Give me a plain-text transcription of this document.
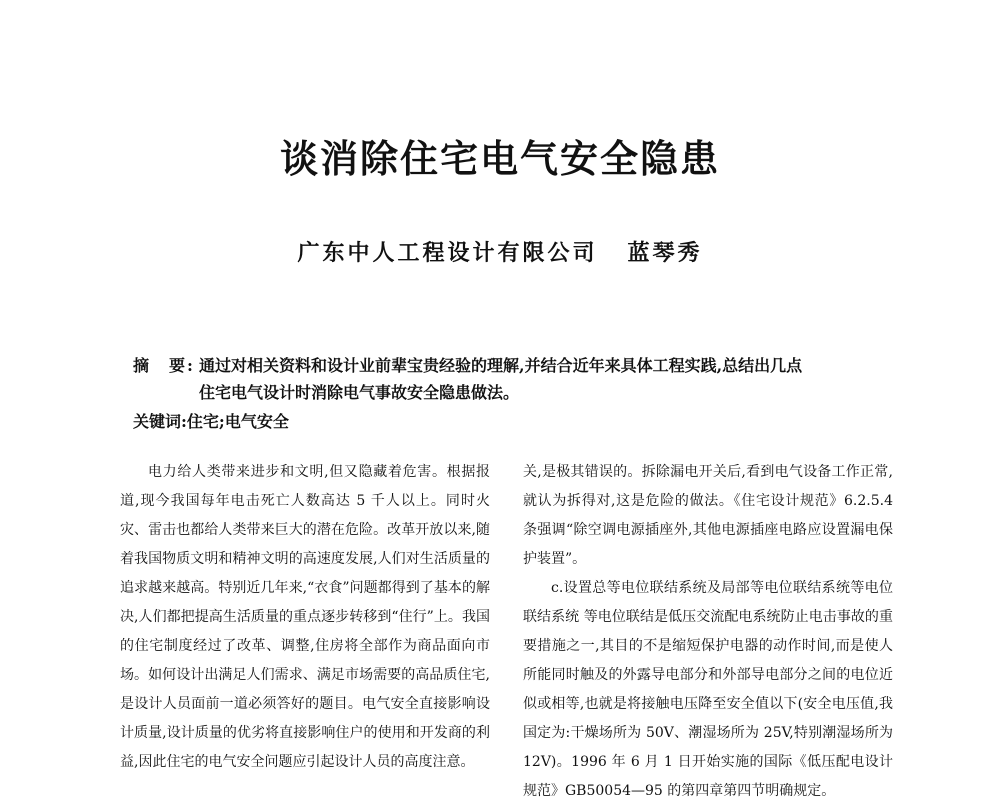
谈消除住宅电气安全隐患
广东中人工程设计有限公司 蓝琴秀
摘　要: 通过对相关资料和设计业前辈宝贵经验的理解,并结合近年来具体工程实践,总结出几点
住宅电气设计时消除电气事故安全隐患做法。
关键词:住宅;电气安全

电力给人类带来进步和文明,但又隐藏着危害。根据报道,现今我国每年电击死亡人数高达 5 千人以上。同时火灾、雷击也都给人类带来巨大的潜在危险。改革开放以来,随着我国物质文明和精神文明的高速度发展,人们对生活质量的追求越来越高。特别近几年来,“衣食”问题都得到了基本的解决,人们都把提高生活质量的重点逐步转移到“住行”上。我国的住宅制度经过了改革、调整,住房将全部作为商品面向市场。如何设计出满足人们需求、满足市场需要的高品质住宅,是设计人员面前一道必须答好的题目。电气安全直接影响设计质量,设计质量的优劣将直接影响住户的使用和开发商的利益,因此住宅的电气安全问题应引起设计人员的高度注意。

关,是极其错误的。拆除漏电开关后,看到电气设备工作正常,就认为拆得对,这是危险的做法。《住宅设计规范》6.2.5.4 条强调“除空调电源插座外,其他电源插座电路应设置漏电保护装置”。

c.设置总等电位联结系统及局部等电位联结系统等电位联结系统 等电位联结是低压交流配电系统防止电击事故的重要措施之一,其目的不是缩短保护电器的动作时间,而是使人所能同时触及的外露导电部分和外部导电部分之间的电位近似或相等,也就是将接触电压降至安全值以下(安全电压值,我国定为:干燥场所为 50V、潮湿场所为 25V,特别潮湿场所为 12V)。1996 年 6 月 1 日开始实施的国际《低压配电设计规范》GB50054—95 的第四章第四节明确规定。
